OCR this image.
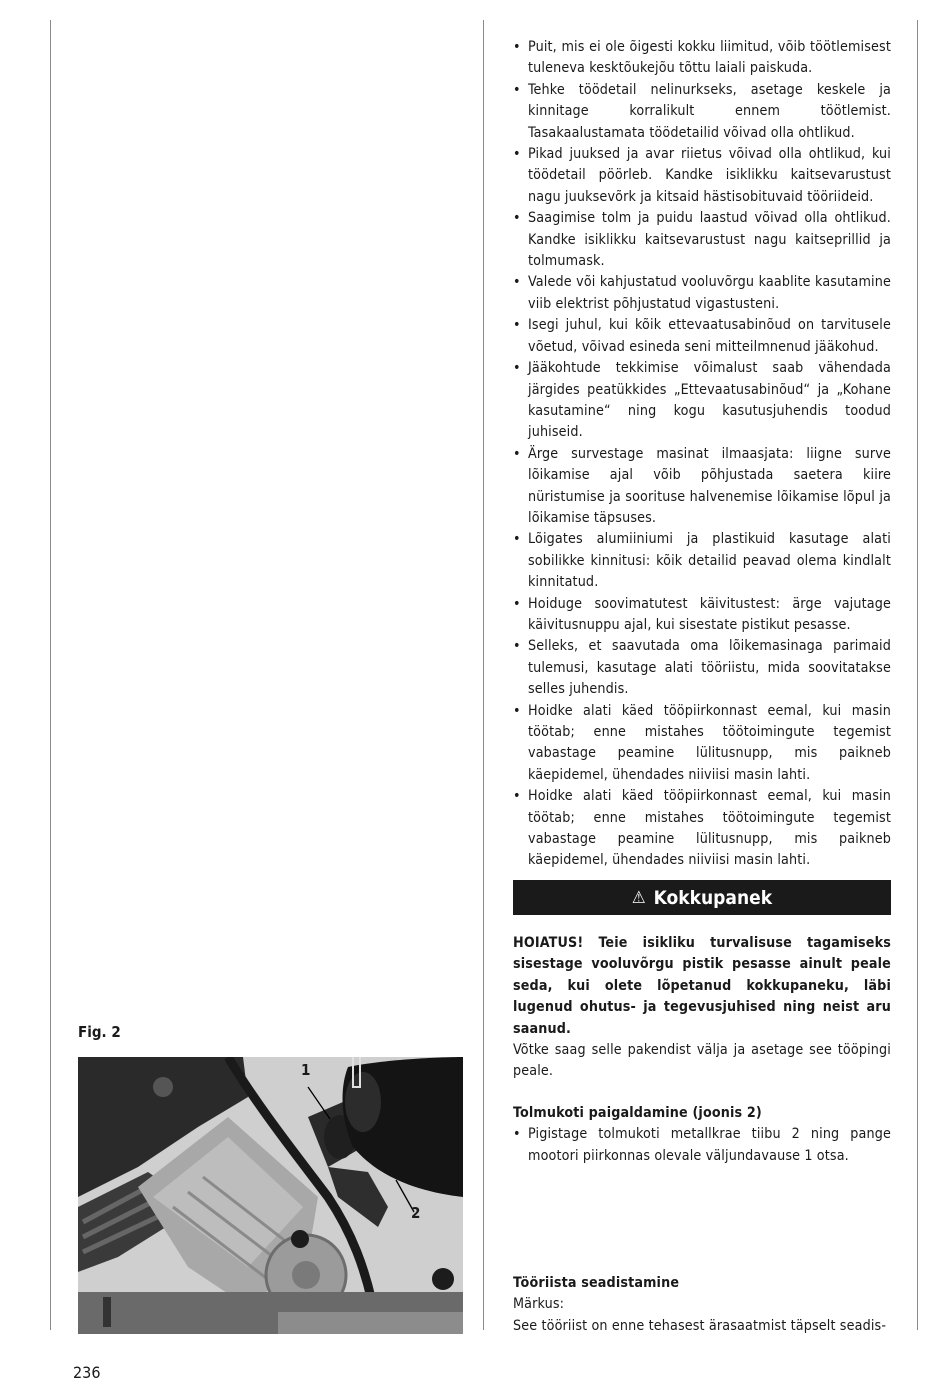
• Puit, mis ei ole õigesti kokku liimitud, võib töötlemisest tuleneva kesktõukejõu tõttu laiali paiskuda.
• Tehke töödetail nelinurkseks, asetage keskele ja kinnitage korralikult ennem töötlemist. Tasakaalustamata töödetailid võivad olla ohtlikud.
• Pikad juuksed ja avar riietus võivad olla ohtlikud, kui töödetail pöörleb. Kandke isiklikku kaitsevarustust nagu juuksevõrk ja kitsaid hästisobituvaid tööriideid.
• Saagimise tolm ja puidu laastud võivad olla ohtlikud. Kandke isiklikku kaitsevarustust nagu kaitseprillid ja tolmumask.
• Valede või kahjustatud vooluvõrgu kaablite kasutamine viib elektrist põhjustatud vigastusteni.
• Isegi juhul, kui kõik ettevaatusabinõud on tarvitusele võetud, võivad esineda seni mitteilmnenud jääkohud.
• Jääkohtude tekkimise võimalust saab vähendada järgides peatükkides „Ettevaatusabinõud“ ja „Kohane kasutamine“ ning kogu kasutusjuhendis toodud juhiseid.
• Ärge survestage masinat ilmaasjata: liigne surve lõikamise ajal võib põhjustada saetera kiire nüristumise ja sooritusе halvenemise lõikamise lõpul ja lõikamise täpsuses.
• Lõigates alumiiniumi ja plastikuid kasutage alati sobilikke kinnitusi: kõik detailid peavad olema kindlalt kinnitatud.
• Hoiduge soovimatutest käivitustest: ärge vajutage käivitusnuppu ajal, kui sisestate pistikut pesasse.
• Selleks, et saavutada oma lõikemasinaga parimaid tulemusi, kasutage alati tööriistu, mida soovitatakse selles juhendis.
• Hoidke alati käed tööpiirkonnast eemal, kui masin töötab; enne mistahes töötoimingute tegemist vabastage peamine lülitusnupp, mis paikneb käepidemel, ühendades niiviisi masin lahti.
• Hoidke alati käed tööpiirkonnast eemal, kui masin töötab; enne mistahes töötoimingute tegemist vabastage peamine lülitusnupp, mis paikneb käepidemel, ühendades niiviisi masin lahti.
⚠ Kokkupanek

HOIATUS! Teie isikliku turvalisuse tagamiseks sisestage vooluvõrgu pistik pesasse ainult peale seda, kui olete lõpetanud kokkupaneku, läbi lugenud ohutus- ja tegevusjuhised ning neist aru saanud.

Võtke saag selle pakendist välja ja asetage see tööpingi peale.

Tolmukoti paigaldamine (joonis 2)
• Pigistage tolmukoti metallkrae tiibu 2 ning pange mootori piirkonnas olevale väljundavause 1 otsa.
Tööriista seadistamine
Märkus:

See tööriist on enne tehasest ärasaatmist täpselt seadis-

Fig. 2
1
2
236
